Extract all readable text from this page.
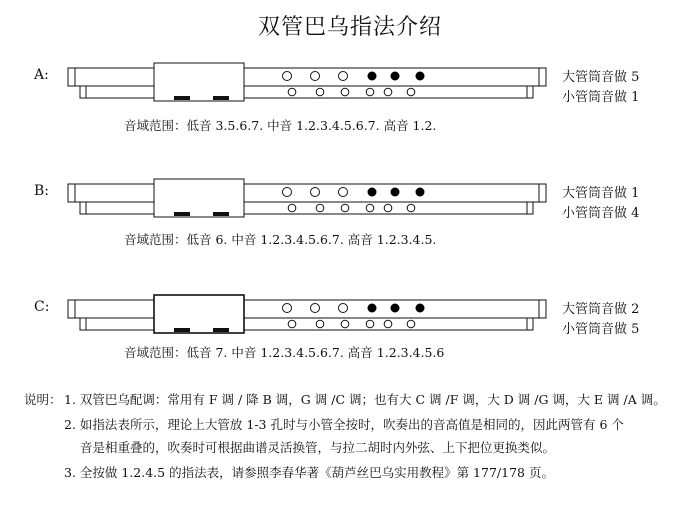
双管巴乌指法介绍
A:
B:
C:
大管筒音做 5
小管筒音做 1
大管筒音做 1
小管筒音做 4
大管筒音做 2
小管筒音做 5
音域范围：低音 3.5.6.7. 中音 1.2.3.4.5.6.7. 高音 1.2.
音域范围：低音 6. 中音 1.2.3.4.5.6.7. 高音 1.2.3.4.5.
音域范围：低音 7. 中音 1.2.3.4.5.6.7. 高音 1.2.3.4.5.6
说明： 1. 双管巴乌配调：常用有 F 调 / 降 B 调，G 调 /C 调；也有大 C 调 /F 调，大 D 调 /G 调，大 E 调 /A 调。
2. 如指法表所示，理论上大管放 1-3 孔时与小管全按时，吹奏出的音高值是相同的，因此两管有 6 个
音是相重叠的，吹奏时可根据曲谱灵活换管，与拉二胡时内外弦、上下把位更换类似。
3. 全按做 1.2.4.5 的指法表，请参照李春华著《葫芦丝巴乌实用教程》第 177/178 页。
